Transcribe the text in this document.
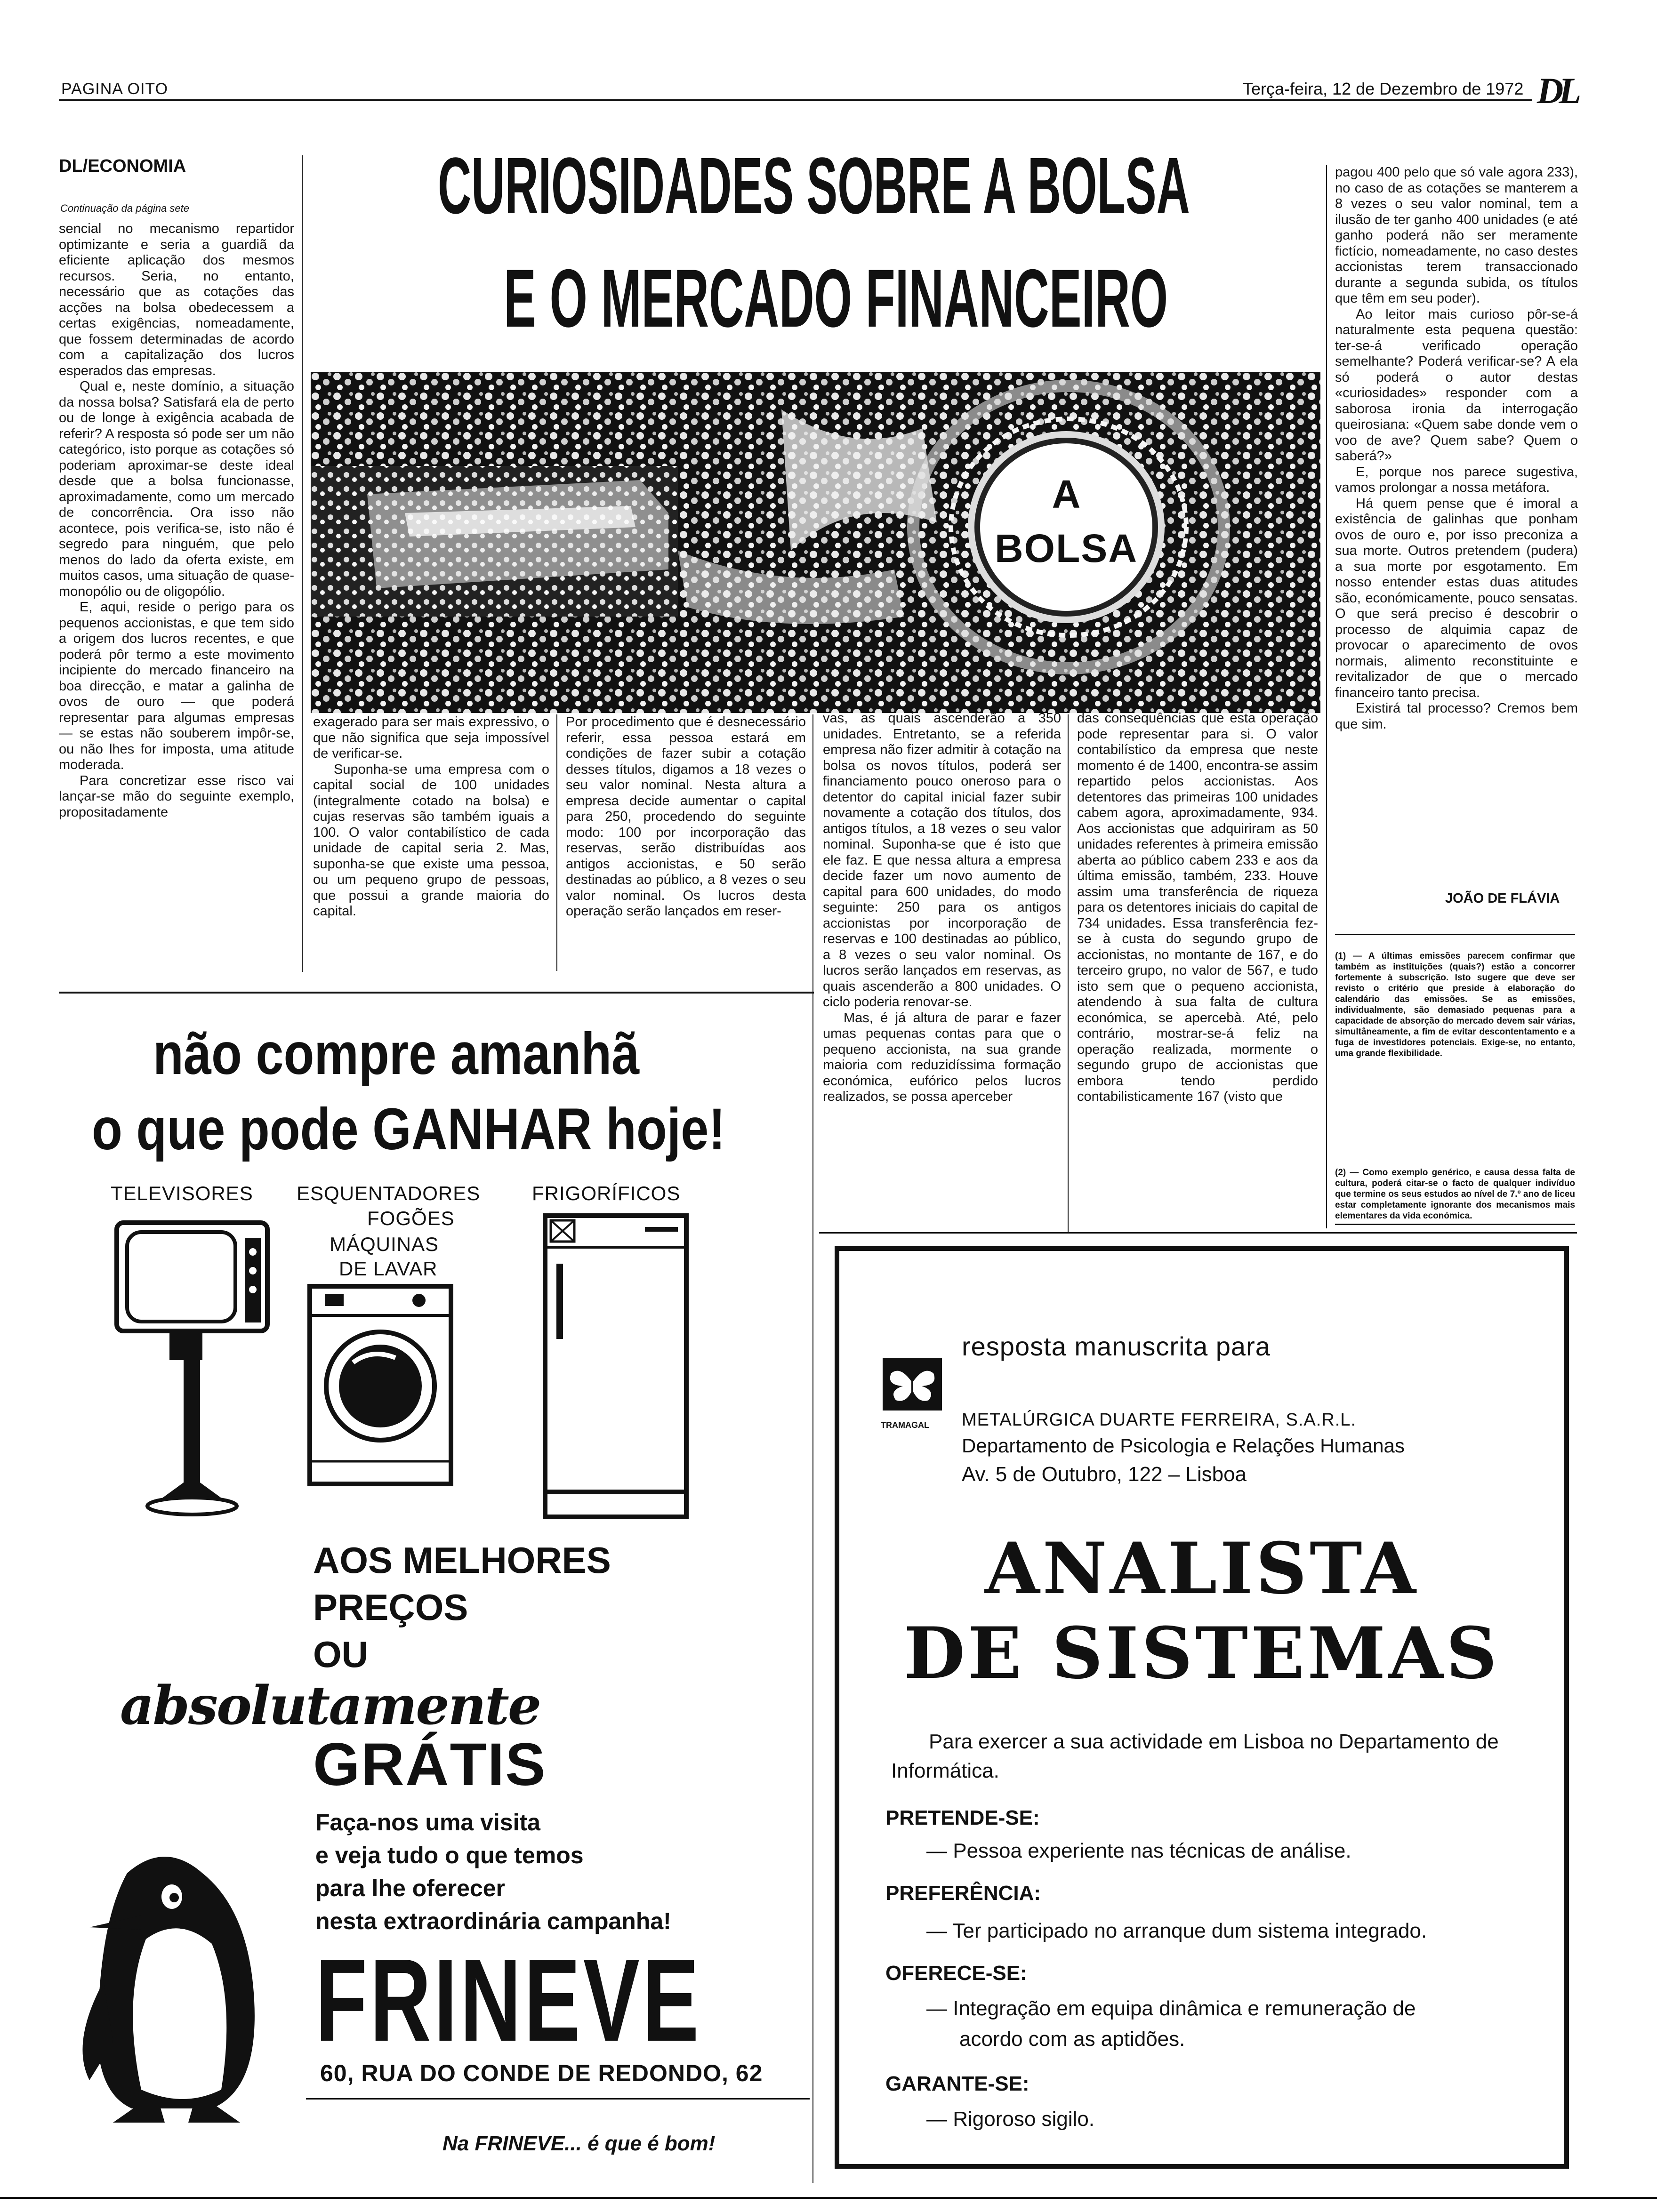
PAGINA OITO	Terça-feira, 12 de Dezembro de 1972 DL
DL/ECONOMIA
Continuação da página sete	CURIOSIDADES SOBRE A BOLSA
E O MERCADO FINANCEIRO
A
BOLSA

sencial no mecanismo repartidor optimizante e seria a guardiã da eficiente aplicação dos mesmos recursos. Seria, no entanto, necessário que as cotações das acções na bolsa obedecessem a certas exigências, nomeadamente, que fossem determinadas de acordo com a capitalização dos lucros esperados das empresas.

Qual e, neste domínio, a situação da nossa bolsa? Satisfará ela de perto ou de longe à exigência acabada de referir? A resposta só pode ser um não categórico, isto porque as cotações só poderiam aproximar-se deste ideal desde que a bolsa funcionasse, aproximadamente, como um mercado de concorrência. Ora isso não acontece, pois verifica-se, isto não é segredo para ninguém, que pelo menos do lado da oferta existe, em muitos casos, uma situação de quase-monopólio ou de oligopólio.

E, aqui, reside o perigo para os pequenos accionistas, e que tem sido a origem dos lucros recentes, e que poderá pôr termo a este movimento incipiente do mercado financeiro na boa direcção, e matar a galinha de ovos de ouro — que poderá representar para algumas empresas — se estas não souberem impôr-se, ou não lhes for imposta, uma atitude moderada.

Para concretizar esse risco vai lançar-se mão do seguinte exemplo, propositadamente

exagerado para ser mais expressivo, o que não significa que seja impossível de verificar-se.

Suponha-se uma empresa com o capital social de 100 unidades (integralmente cotado na bolsa) e cujas reservas são também iguais a 100. O valor contabilístico de cada unidade de capital seria 2. Mas, suponha-se que existe uma pessoa, ou um pequeno grupo de pessoas, que possui a grande maioria do capital.

Por procedimento que é desnecessário referir, essa pessoa estará em condições de fazer subir a cotação desses títulos, digamos a 18 vezes o seu valor nominal. Nesta altura a empresa decide aumentar o capital para 250, procedendo do seguinte modo: 100 por incorporação das reservas, serão distribuídas aos antigos accionistas, e 50 serão destinadas ao público, a 8 vezes o seu valor nominal. Os lucros desta operação serão lançados em reser-

vas, as quais ascenderão a 350 unidades. Entretanto, se a referida empresa não fizer admitir à cotação na bolsa os novos títulos, poderá ser financiamento pouco oneroso para o detentor do capital inicial fazer subir novamente a cotação dos títulos, dos antigos títulos, a 18 vezes o seu valor nominal. Suponha-se que é isto que ele faz. E que nessa altura a empresa decide fazer um novo aumento de capital para 600 unidades, do modo seguinte: 250 para os antigos accionistas por incorporação de reservas e 100 destinadas ao público, a 8 vezes o seu valor nominal. Os lucros serão lançados em reservas, as quais ascenderão a 800 unidades. O ciclo poderia renovar-se.

Mas, é já altura de parar e fazer umas pequenas contas para que o pequeno accionista, na sua grande maioria com reduzidíssima formação económica, eufórico pelos lucros realizados, se possa aperceber

das consequências que esta operação pode representar para si. O valor contabilístico da empresa que neste momento é de 1400, encontra-se assim repartido pelos accionistas. Aos detentores das primeiras 100 unidades cabem agora, aproximadamente, 934. Aos accionistas que adquiriram as 50 unidades referentes à primeira emissão aberta ao público cabem 233 e aos da última emissão, também, 233. Houve assim uma transferência de riqueza para os detentores iniciais do capital de 734 unidades. Essa transferência fez-se à custa do segundo grupo de accionistas, no montante de 167, e do terceiro grupo, no valor de 567, e tudo isto sem que o pequeno accionista, atendendo à sua falta de cultura económica, se apercebà. Até, pelo contrário, mostrar-se-á feliz na operação realizada, mormente o segundo grupo de accionistas que embora tendo perdido contabilisticamente 167 (visto que

pagou 400 pelo que só vale agora 233), no caso de as cotações se manterem a 8 vezes o seu valor nominal, tem a ilusão de ter ganho 400 unidades (e até ganho poderá não ser meramente fictício, nomeadamente, no caso destes accionistas terem transaccionado durante a segunda subida, os títulos que têm em seu poder).

Ao leitor mais curioso pôr-se-á naturalmente esta pequena questão: ter-se-á verificado operação semelhante? Poderá verificar-se? A ela só poderá o autor destas «curiosidades» responder com a saborosa ironia da interrogação queirosiana: «Quem sabe donde vem o voo de ave? Quem sabe? Quem o saberá?»

E, porque nos parece sugestiva, vamos prolongar a nossa metáfora.

Há quem pense que é imoral a existência de galinhas que ponham ovos de ouro e, por isso preconiza a sua morte. Outros pretendem (pudera) a sua morte por esgotamento. Em nosso entender estas duas atitudes são, económicamente, pouco sensatas. O que será preciso é descobrir o processo de alquimia capaz de provocar o aparecimento de ovos normais, alimento reconstituinte e revitalizador de que o mercado financeiro tanto precisa.

Existirá tal processo? Cremos bem que sim.

JOÃO DE FLÁVIA
(1) — A últimas emissões parecem confirmar que também as instituições (quais?) estão a concorrer fortemente à subscrição. Isto sugere que deve ser revisto o critério que preside à elaboração do calendário das emissões. Se as emissões, individualmente, são demasiado pequenas para a capacidade de absorção do mercado devem sair várias, simultâneamente, a fim de evitar descontentamento e a fuga de investidores potenciais. Exige-se, no entanto, uma grande flexibilidade.
(2) — Como exemplo genérico, e causa dessa falta de cultura, poderá citar-se o facto de qualquer indivíduo que termine os seus estudos ao nível de 7.º ano de liceu estar completamente ignorante dos mecanismos mais elementares da vida económica.
não compre amanhã
o que pode GANHAR hoje!
TELEVISORES ESQUENTADORES
FOGÕES
MÁQUINAS
DE LAVAR
FRIGORÍFICOS
AOS MELHORES
PREÇOS
OU
absolutamente
GRÁTIS
Faça-nos uma visita
e veja tudo o que temos
para lhe oferecer
nesta extraordinária campanha!
FRINEVE
60, RUA DO CONDE DE REDONDO, 62
Na FRINEVE... é que é bom!
resposta manuscrita para
TRAMAGAL METALÚRGICA DUARTE FERREIRA, S.A.R.L.
Departamento de Psicologia e Relações Humanas
Av. 5 de Outubro, 122 – Lisboa
ANALISTA
DE SISTEMAS
Para exercer a sua actividade em Lisboa no Departamento de Informática.
PRETENDE-SE:
— Pessoa experiente nas técnicas de análise.
PREFERÊNCIA:
— Ter participado no arranque dum sistema integrado.
OFERECE-SE:
— Integração em equipa dinâmica e remuneração de
acordo com as aptidões.
GARANTE-SE:
— Rigoroso sigilo.
